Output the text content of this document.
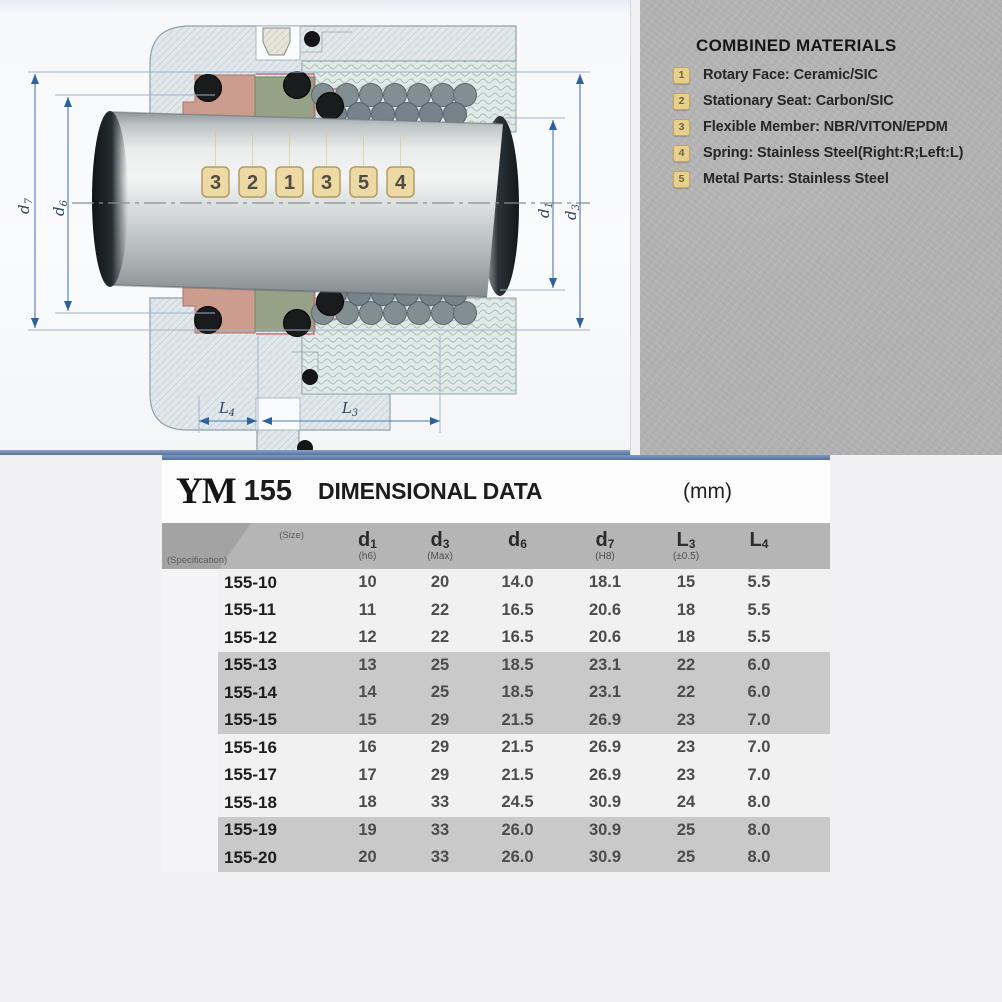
3 2 1 3 5 4
$d_7$
$d_6$
$d_1$
$d_3$
$L_4$	$L_3$
COMBINED MATERIALS
1	Rotary Face: Ceramic/SIC
2	Stationary Seat: Carbon/SIC
3	Flexible Member: NBR/VITON/EPDM
4	Spring: Stainless Steel(Right:R;Left:L)
5	Metal Parts: Stainless Steel
YM 155 DIMENSIONAL DATA	(mm)
(Size)
(Specification)
d1
(h6)
d3
(Max)
d6	d7
(H8)
L3
(±0.5)
L4
155-10	10	20	14.0	18.1	15	5.5
155-11	11	22	16.5	20.6	18	5.5
155-12	12	22	16.5	20.6	18	5.5
155-13	13	25	18.5	23.1	22	6.0
155-14	14	25	18.5	23.1	22	6.0
155-15	15	29	21.5	26.9	23	7.0
155-16	16	29	21.5	26.9	23	7.0
155-17	17	29	21.5	26.9	23	7.0
155-18	18	33	24.5	30.9	24	8.0
155-19	19	33	26.0	30.9	25	8.0
155-20	20	33	26.0	30.9	25	8.0
